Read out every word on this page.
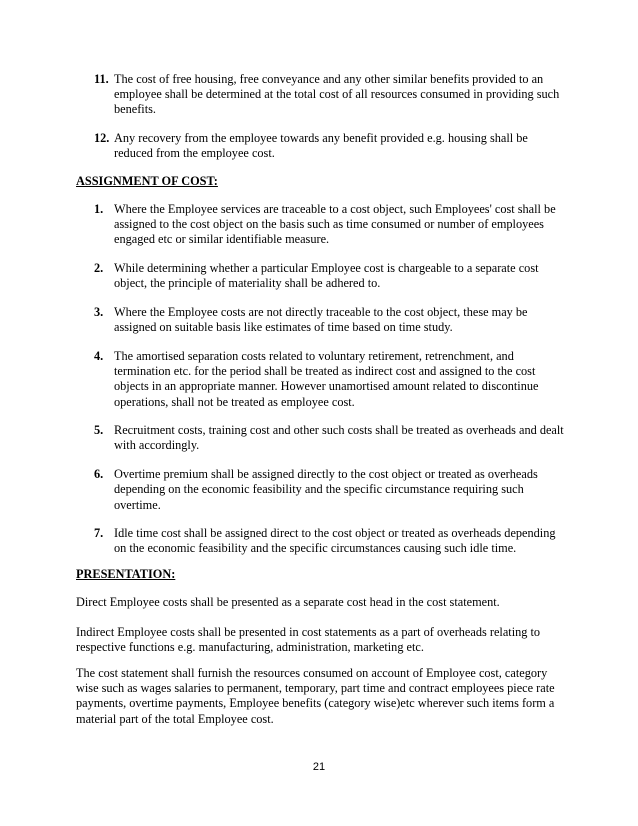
11. The cost of free housing, free conveyance and any other similar benefits provided to an employee shall be determined at the total cost of all resources consumed in providing such benefits.
12. Any recovery from the employee towards any benefit provided e.g. housing shall be reduced from the employee cost.
ASSIGNMENT OF COST:
1. Where the Employee services are traceable to a cost object, such Employees' cost shall be assigned to the cost object on the basis such as time consumed or number of employees engaged etc or similar identifiable measure.
2. While determining whether a particular Employee cost is chargeable to a separate cost object, the principle of materiality shall be adhered to.
3. Where the Employee costs are not directly traceable to the cost object, these may be assigned on suitable basis like estimates of time based on time study.
4. The amortised separation costs related to voluntary retirement, retrenchment, and termination etc. for the period shall be treated as indirect cost and assigned to the cost objects in an appropriate manner. However unamortised amount related to discontinue operations, shall not be treated as employee cost.
5. Recruitment costs, training cost and other such costs shall be treated as overheads and dealt with accordingly.
6. Overtime premium shall be assigned directly to the cost object or treated as overheads depending on the economic feasibility and the specific circumstance requiring such overtime.
7. Idle time cost shall be assigned direct to the cost object or treated as overheads depending on the economic feasibility and the specific circumstances causing such idle time.
PRESENTATION:
Direct Employee costs shall be presented as a separate cost head in the cost statement.
Indirect Employee costs shall be presented in cost statements as a part of overheads relating to respective functions e.g. manufacturing, administration, marketing etc.
The cost statement shall furnish the resources consumed on account of Employee cost, category wise such as wages salaries to permanent, temporary, part time and contract employees piece rate payments, overtime payments, Employee benefits (category wise)etc wherever such items form a material part of the total Employee cost.
21
